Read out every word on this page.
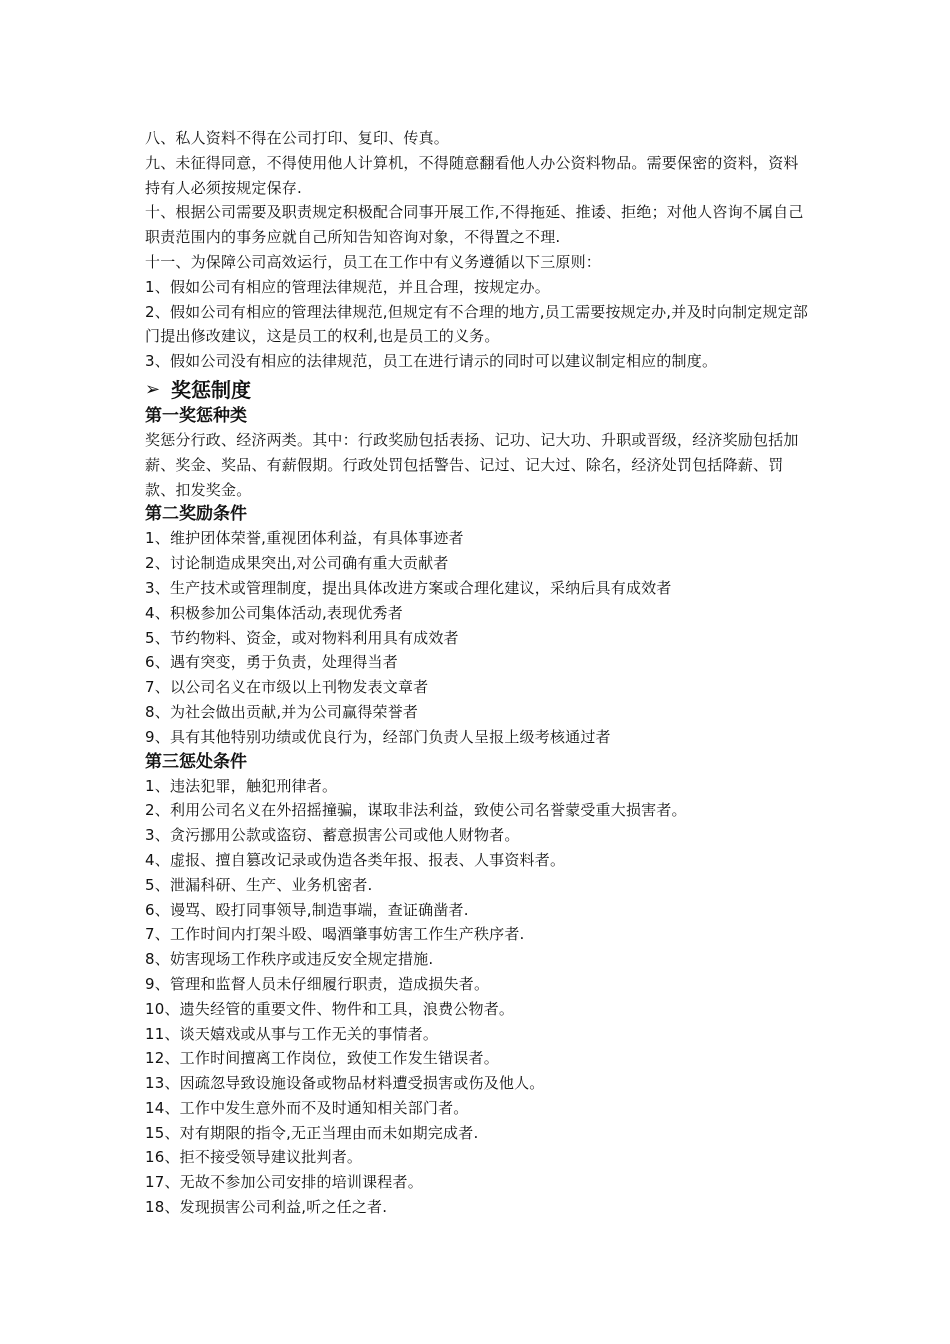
八、私人资料不得在公司打印、复印、传真。
九、未征得同意，不得使用他人计算机，不得随意翻看他人办公资料物品。需要保密的资料，资料持有人必须按规定保存.
十、根据公司需要及职责规定积极配合同事开展工作,不得拖延、推诿、拒绝；对他人咨询不属自己职责范围内的事务应就自己所知告知咨询对象，不得置之不理.
十一、为保障公司高效运行，员工在工作中有义务遵循以下三原则：
1、假如公司有相应的管理法律规范，并且合理，按规定办。
2、假如公司有相应的管理法律规范,但规定有不合理的地方,员工需要按规定办,并及时向制定规定部门提出修改建议，这是员工的权利,也是员工的义务。
3、假如公司没有相应的法律规范，员工在进行请示的同时可以建议制定相应的制度。
➢ 奖惩制度
第一奖惩种类
奖惩分行政、经济两类。其中：行政奖励包括表扬、记功、记大功、升职或晋级，经济奖励包括加薪、奖金、奖品、有薪假期。行政处罚包括警告、记过、记大过、除名，经济处罚包括降薪、罚款、扣发奖金。
第二奖励条件
1、维护团体荣誉,重视团体利益，有具体事迹者
2、讨论制造成果突出,对公司确有重大贡献者
3、生产技术或管理制度，提出具体改进方案或合理化建议，采纳后具有成效者
4、积极参加公司集体活动,表现优秀者
5、节约物料、资金，或对物料利用具有成效者
6、遇有突变，勇于负责，处理得当者
7、以公司名义在市级以上刊物发表文章者
8、为社会做出贡献,并为公司赢得荣誉者
9、具有其他特别功绩或优良行为，经部门负责人呈报上级考核通过者
第三惩处条件
1、违法犯罪，触犯刑律者。
2、利用公司名义在外招摇撞骗，谋取非法利益，致使公司名誉蒙受重大损害者。
3、贪污挪用公款或盗窃、蓄意损害公司或他人财物者。
4、虚报、擅自篡改记录或伪造各类年报、报表、人事资料者。
5、泄漏科研、生产、业务机密者.
6、谩骂、殴打同事领导,制造事端，查证确凿者.
7、工作时间内打架斗殴、喝酒肇事妨害工作生产秩序者.
8、妨害现场工作秩序或违反安全规定措施.
9、管理和监督人员未仔细履行职责，造成损失者。
10、遗失经管的重要文件、物件和工具，浪费公物者。
11、谈天嬉戏或从事与工作无关的事情者。
12、工作时间擅离工作岗位，致使工作发生错误者。
13、因疏忽导致设施设备或物品材料遭受损害或伤及他人。
14、工作中发生意外而不及时通知相关部门者。
15、对有期限的指令,无正当理由而未如期完成者.
16、拒不接受领导建议批判者。
17、无故不参加公司安排的培训课程者。
18、发现损害公司利益,听之任之者.
